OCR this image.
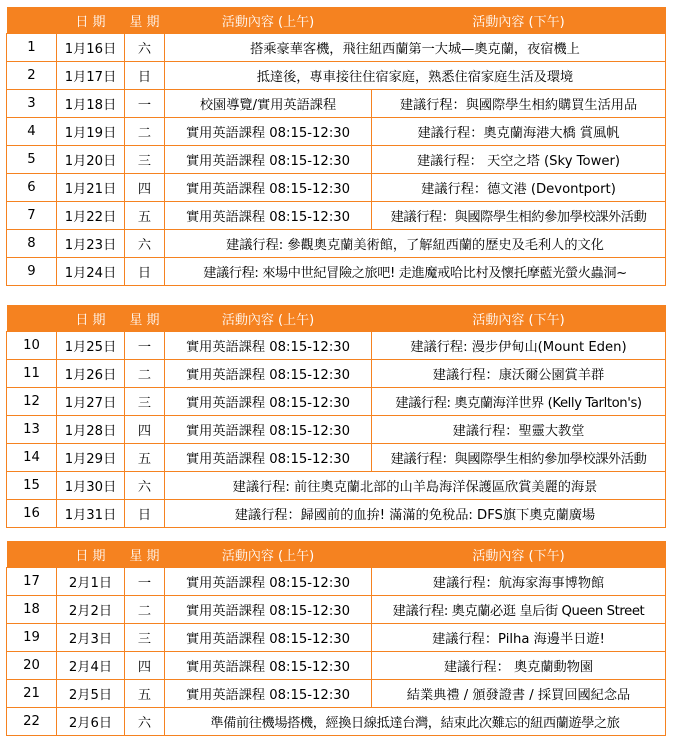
	日 期	星 期	活動內容 (上午)	活動內容 (下午)
1	1月16日	六	搭乘豪華客機，飛往紐西蘭第一大城—奧克蘭，夜宿機上	
2	1月17日	日	抵達後，專車接往住宿家庭，熟悉住宿家庭生活及環境	
3	1月18日	一	校園導覽/實用英語課程	建議行程：與國際學生相約購買生活用品
4	1月19日	二	實用英語課程 08:15-12:30	建議行程：奧克蘭海港大橋 賞風帆
5	1月20日	三	實用英語課程 08:15-12:30	建議行程： 天空之塔 (Sky Tower)
6	1月21日	四	實用英語課程 08:15-12:30	建議行程：德文港 (Devontport)
7	1月22日	五	實用英語課程 08:15-12:30	建議行程：與國際學生相約參加學校課外活動
8	1月23日	六	建議行程: 參觀奧克蘭美術館，了解紐西蘭的歷史及毛利人的文化	
9	1月24日	日	建議行程: 來場中世紀冒險之旅吧! 走進魔戒哈比村及懷托摩藍光螢火蟲洞~	
	日 期	星 期	活動內容 (上午)	活動內容 (下午)
10	1月25日	一	實用英語課程 08:15-12:30	建議行程: 漫步伊甸山(Mount Eden)
11	1月26日	二	實用英語課程 08:15-12:30	建議行程：康沃爾公園賞羊群
12	1月27日	三	實用英語課程 08:15-12:30	建議行程: 奧克蘭海洋世界 (Kelly Tarlton's)
13	1月28日	四	實用英語課程 08:15-12:30	建議行程：聖靈大教堂
14	1月29日	五	實用英語課程 08:15-12:30	建議行程：與國際學生相約參加學校課外活動
15	1月30日	六	建議行程: 前往奧克蘭北部的山羊島海洋保護區欣賞美麗的海景	
16	1月31日	日	建議行程：歸國前的血拚! 滿滿的免稅品: DFS旗下奧克蘭廣場	
	日 期	星 期	活動內容 (上午)	活動內容 (下午)
17	2月1日	一	實用英語課程 08:15-12:30	建議行程：航海家海事博物館
18	2月2日	二	實用英語課程 08:15-12:30	建議行程: 奧克蘭必逛 皇后街 Queen Street
19	2月3日	三	實用英語課程 08:15-12:30	建議行程：Pilha 海邊半日遊!
20	2月4日	四	實用英語課程 08:15-12:30	建議行程： 奧克蘭動物園
21	2月5日	五	實用英語課程 08:15-12:30	結業典禮 / 頒發證書 / 採買回國紀念品
22	2月6日	六	準備前往機場搭機，經換日線抵達台灣，結束此次難忘的紐西蘭遊學之旅	
